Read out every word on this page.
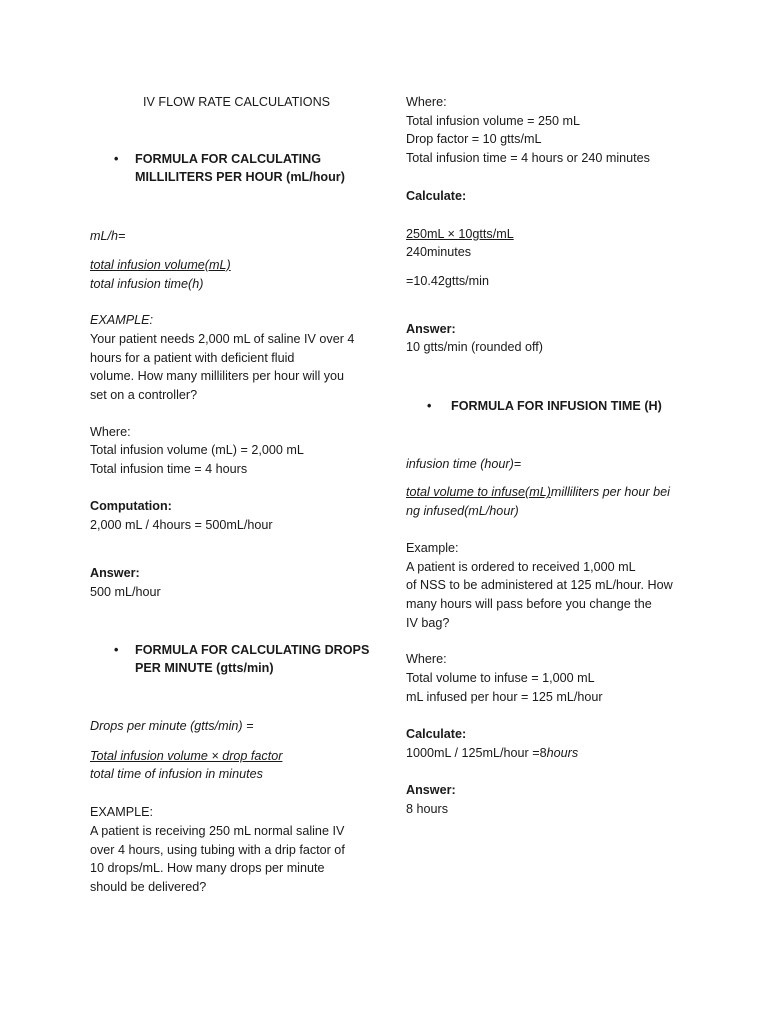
IV FLOW RATE CALCULATIONS
• FORMULA FOR CALCULATING
MILLILITERS PER HOUR (mL/hour)
mL/h=
total infusion volume(mL)
total infusion time(h)
EXAMPLE:
Your patient needs 2,000 mL of saline IV over 4
hours for a patient with deficient fluid
volume. How many milliliters per hour will you
set on a controller?
Where:
Total infusion volume (mL) = 2,000 mL
Total infusion time = 4 hours
Computation:
2,000 mL / 4hours = 500mL/hour
Answer:
500 mL/hour
• FORMULA FOR CALCULATING DROPS
PER MINUTE (gtts/min)
Drops per minute (gtts/min) =
Total infusion volume × drop factor
total time of infusion in minutes
EXAMPLE:
A patient is receiving 250 mL normal saline IV
over 4 hours, using tubing with a drip factor of
10 drops/mL. How many drops per minute
should be delivered?
Where:
Total infusion volume = 250 mL
Drop factor = 10 gtts/mL
Total infusion time = 4 hours or 240 minutes
Calculate:
250mL × 10gtts/mL
240minutes
=10.42gtts/min
Answer:
10 gtts/min (rounded off)
• FORMULA FOR INFUSION TIME (H)
infusion time (hour)=
total volume to infuse(mL)milliliters per hour bei
ng infused(mL/hour)
Example:
A patient is ordered to received 1,000 mL
of NSS to be administered at 125 mL/hour. How
many hours will pass before you change the
IV bag?
Where:
Total volume to infuse = 1,000 mL
mL infused per hour = 125 mL/hour
Calculate:
1000mL / 125mL/hour =8hours
Answer:
8 hours
